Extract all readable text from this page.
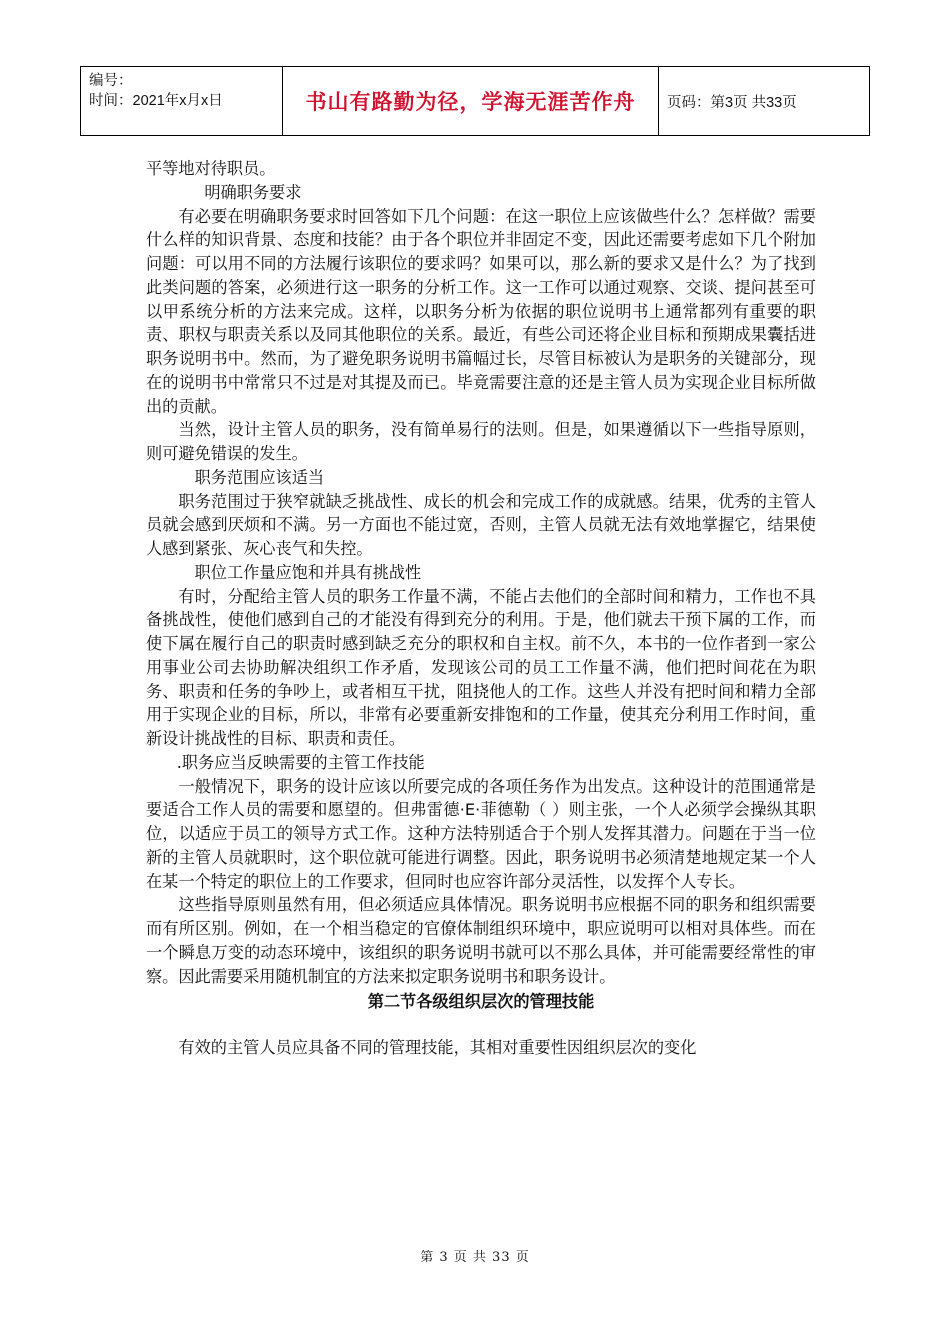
编号：
时间：2021年x月x日	书山有路勤为径，学海无涯苦作舟	页码：第3页 共33页

平等地对待职员。

明确职务要求

有必要在明确职务要求时回答如下几个问题：在这一职位上应该做些什么？怎样做？需要什么样的知识背景、态度和技能？由于各个职位并非固定不变，因此还需要考虑如下几个附加问题：可以用不同的方法履行该职位的要求吗？如果可以，那么新的要求又是什么？为了找到此类问题的答案，必须进行这一职务的分析工作。这一工作可以通过观察、交谈、提问甚至可以甲系统分析的方法来完成。这样，以职务分析为依据的职位说明书上通常都列有重要的职责、职权与职责关系以及同其他职位的关系。最近，有些公司还将企业目标和预期成果囊括进职务说明书中。然而，为了避免职务说明书篇幅过长，尽管目标被认为是职务的关键部分，现在的说明书中常常只不过是对其提及而已。毕竟需要注意的还是主管人员为实现企业目标所做出的贡献。

当然，设计主管人员的职务，没有简单易行的法则。但是，如果遵循以下一些指导原则，则可避免错误的发生。

职务范围应该适当

职务范围过于狭窄就缺乏挑战性、成长的机会和完成工作的成就感。结果，优秀的主管人员就会感到厌烦和不满。另一方面也不能过宽，否则，主管人员就无法有效地掌握它，结果使人感到紧张、灰心丧气和失控。

职位工作量应饱和并具有挑战性

有时，分配给主管人员的职务工作量不满，不能占去他们的全部时间和精力，工作也不具备挑战性，使他们感到自己的才能没有得到充分的利用。于是，他们就去干预下属的工作，而使下属在履行自己的职责时感到缺乏充分的职权和自主权。前不久，本书的一位作者到一家公用事业公司去协助解决组织工作矛盾，发现该公司的员工工作量不满，他们把时间花在为职务、职责和任务的争吵上，或者相互干扰，阻挠他人的工作。这些人并没有把时间和精力全部用于实现企业的目标，所以，非常有必要重新安排饱和的工作量，使其充分利用工作时间，重新设计挑战性的目标、职责和责任。

.职务应当反映需要的主管工作技能

一般情况下，职务的设计应该以所要完成的各项任务作为出发点。这种设计的范围通常是要适合工作人员的需要和愿望的。但弗雷德·E·菲德勒（ ）则主张，一个人必须学会操纵其职位，以适应于员工的领导方式工作。这种方法特别适合于个别人发挥其潜力。问题在于当一位新的主管人员就职时，这个职位就可能进行调整。因此，职务说明书必须清楚地规定某一个人在某一个特定的职位上的工作要求，但同时也应容许部分灵活性，以发挥个人专长。

这些指导原则虽然有用，但必须适应具体情况。职务说明书应根据不同的职务和组织需要而有所区别。例如，在一个相当稳定的官僚体制组织环境中，职应说明可以相对具体些。而在一个瞬息万变的动态环境中，该组织的职务说明书就可以不那么具体，并可能需要经常性的审察。因此需要采用随机制宜的方法来拟定职务说明书和职务设计。

第二节各级组织层次的管理技能

有效的主管人员应具备不同的管理技能，其相对重要性因组织层次的变化

第 3 页 共 33 页
